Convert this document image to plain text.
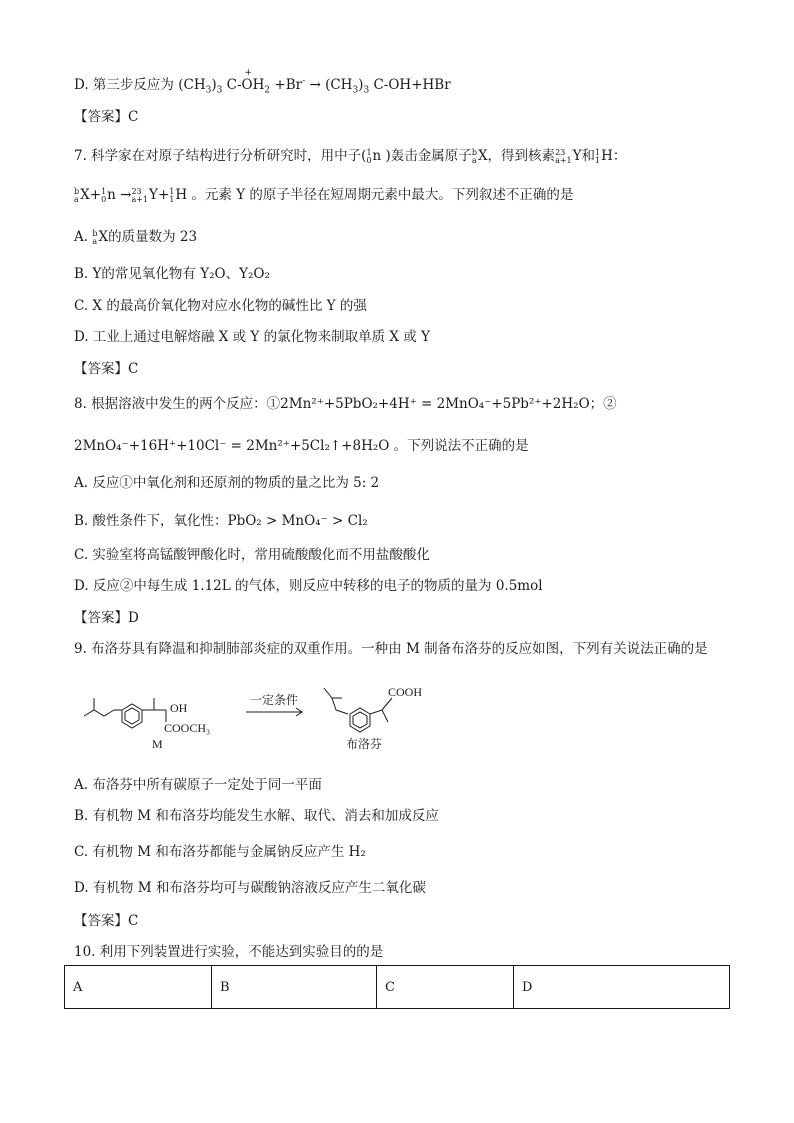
D. 第三步反应为 $(CH_3)_3$ C-
+
$OH_2 +Br^- \to (CH_3)_3$ C-OH+HBr
【答案】C
7. 科学家在对原子结构进行分析研究时，用中子( 1
0 n )轰击金属原子 b
a X，得到核素 23
a+1 Y和 1
1 H：
b
a X+ 1
0 n → 23
a+1 Y+ 1
1 H 。元素 Y 的原子半径在短周期元素中最大。下列叙述不正确的是
A. b
a X的质量数为 23
B. Y的常见氧化物有 Y₂O、Y₂O₂
C. X 的最高价氧化物对应水化物的碱性比 Y 的强
D. 工业上通过电解熔融 X 或 Y 的氯化物来制取单质 X 或 Y
【答案】C
8. 根据溶液中发生的两个反应：①2Mn²⁺+5PbO₂+4H⁺ = 2MnO₄⁻+5Pb²⁺+2H₂O；②
2MnO₄⁻+16H⁺+10Cl⁻ = 2Mn²⁺+5Cl₂↑+8H₂O 。下列说法不正确的是
A. 反应①中氧化剂和还原剂的物质的量之比为 5: 2
B. 酸性条件下，氧化性：PbO₂ > MnO₄⁻ > Cl₂
C. 实验室将高锰酸钾酸化时，常用硫酸酸化而不用盐酸酸化
D. 反应②中每生成 1.12L 的气体，则反应中转移的电子的物质的量为 0.5mol
【答案】D
9. 布洛芬具有降温和抑制肺部炎症的双重作用。一种由 M 制备布洛芬的反应如图，下列有关说法正确的是
OH
COOCH₃
M
一定条件
COOH
布洛芬
A. 布洛芬中所有碳原子一定处于同一平面
B. 有机物 M 和布洛芬均能发生水解、取代、消去和加成反应
C. 有机物 M 和布洛芬都能与金属钠反应产生 H₂
D. 有机物 M 和布洛芬均可与碳酸钠溶液反应产生二氧化碳
【答案】C
10. 利用下列装置进行实验，不能达到实验目的的是
A	B	C	D
